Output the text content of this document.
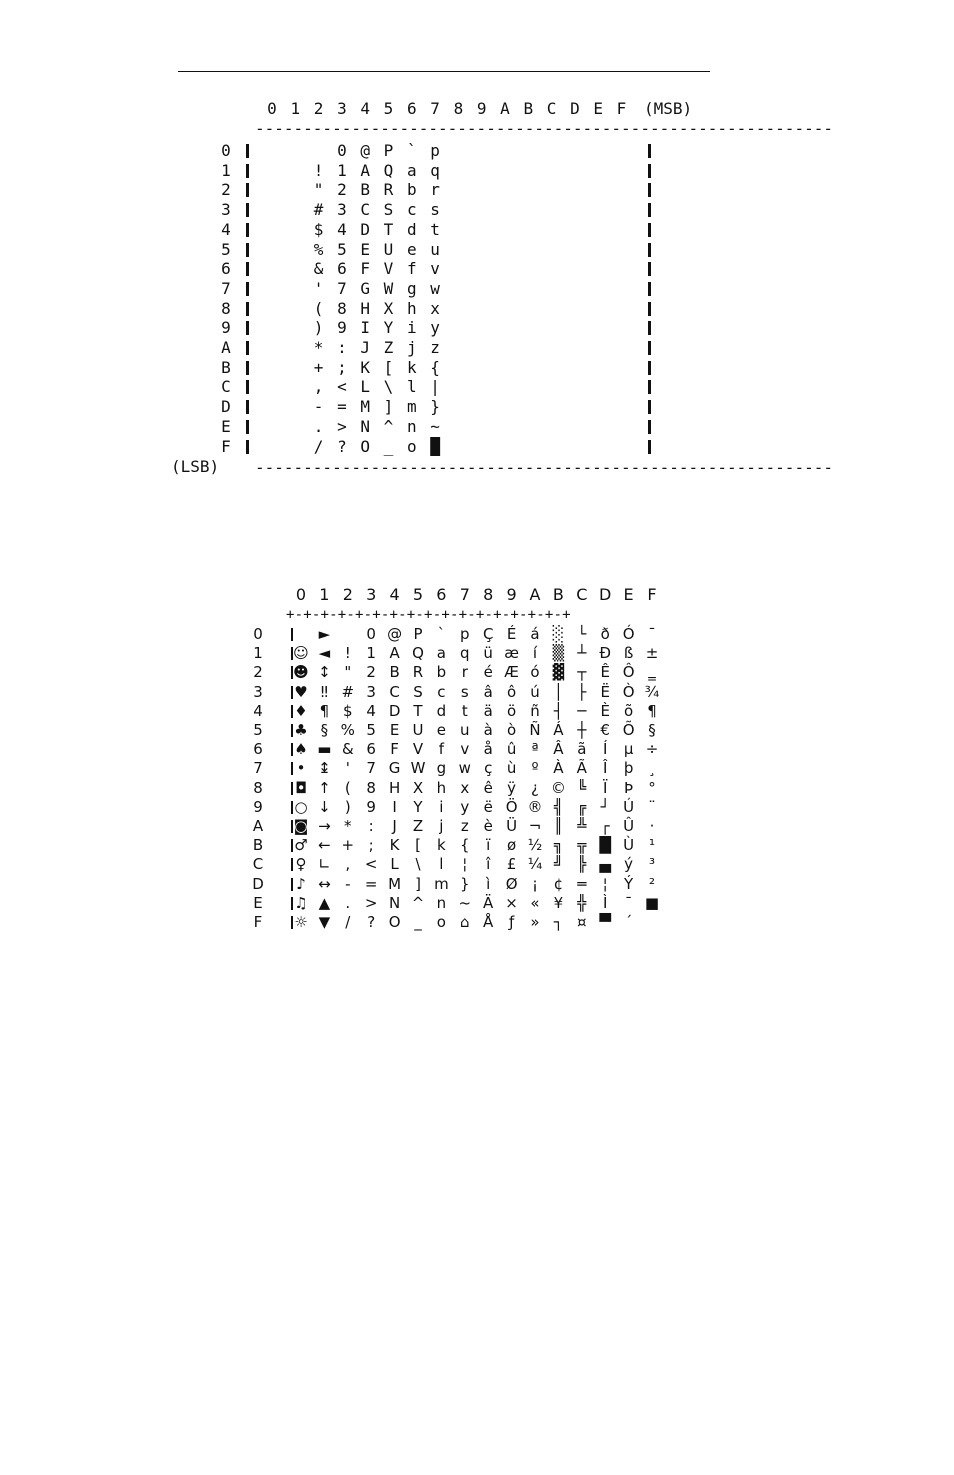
(MSB)
(LSB)
0 1 2 3 4 5 6 7 8 9 A B C D E F
------------------------------------------------------------
------------------------------------------------------------
0
1
2
3
4
5
6
7
8
9
A
B
C
D
E
F
!
"
#
$
%
&
'
(
)
*
+
,
-
.
/
0
1
2
3
4
5
6
7
8
9
:
;
<
=
>
?
@
A
B
C
D
E
F
G
H
I
J
K
L
M
N
O
P
Q
R
S
T
U
V
W
X
Y
Z
[
\
]
^
_
`
a
b
c
d
e
f
g
h
i
j
k
l
m
n
o
p
q
r
s
t
u
v
w
x
y
z
{
|
}
~
█
+-+-+-+-+-+-+-+-+-+-+-+-+-+-+-+-+
0 1 2 3 4 5 6 7 8 9 A B C D E F
0
1
2
3
4
5
6
7
8
9
A
B
C
D
E
F
☺
☻
♥
♦
♣
♠
•
◘
○
◙
♂
♀
♪
♫
☼
►
◄
↕
‼
¶
§
▬
↨
↑
↓
→
←
∟
↔
▲
▼
!
"
#
$
%
&
'
(
)
*
+
,
-
.
/
0
1
2
3
4
5
6
7
8
9
:
;
<
=
>
?
@
A
B
C
D
E
F
G
H
I
J
K
L
M
N
O
P
Q
R
S
T
U
V
W
X
Y
Z
[
\
]
^
_
`
a
b
c
d
e
f
g
h
i
j
k
l
m
n
o
p
q
r
s
t
u
v
w
x
y
z
{
¦
}
~
⌂
Ç
ü
é
â
ä
à
å
ç
ê
ë
è
ï
î
ì
Ä
Å
É
æ
Æ
ô
ö
ò
û
ù
ÿ
Ö
Ü
ø
£
Ø
×
ƒ
á
í
ó
ú
ñ
Ñ
ª
º
¿
®
¬
½
¼
¡
«
»
░
▒
▓
│
┤
Á
Â
À
©
╣
║
╗
╝
¢
¥
┐
└
┴
┬
├
─
┼
ã
Ã
╚
╔
╩
╦
╠
═
╬
¤
ð
Ð
Ê
Ë
È
€
Í
Î
Ï
┘
┌
█
▄
¦
Ì
▀
Ó
ß
Ô
Ò
õ
Õ
µ
þ
Þ
Ú
Û
Ù
ý
Ý
¯
´
¯
±
‗
¾
¶
§
÷
¸
°
¨
·
¹
³
²
■
